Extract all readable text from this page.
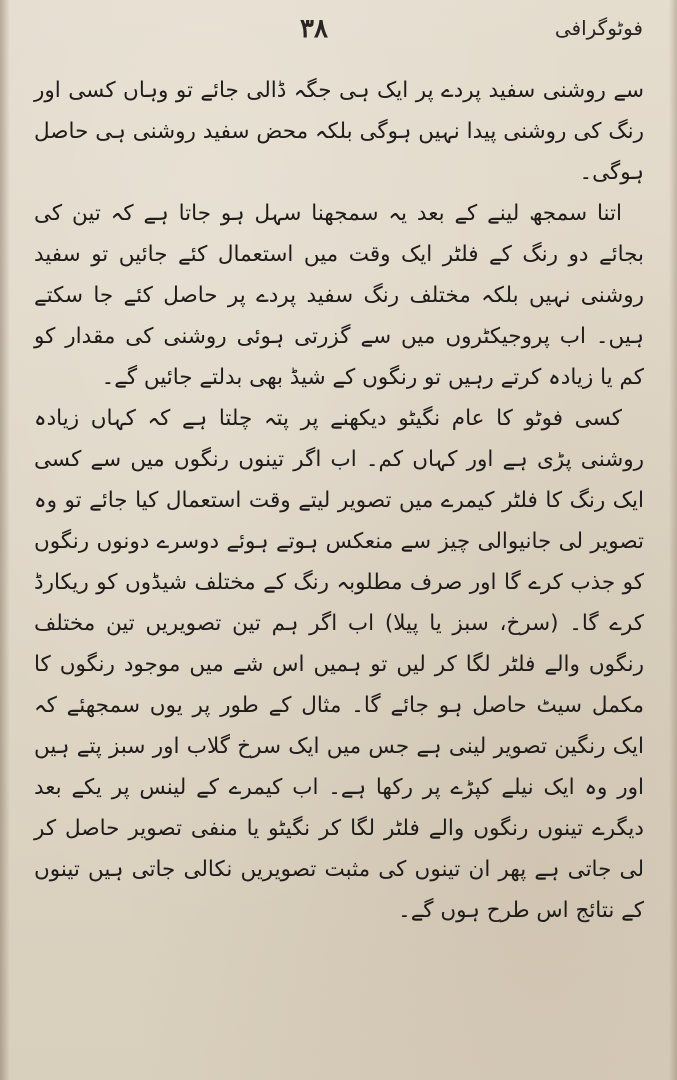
۳۸	فوٹوگرافی

سے روشنی سفید پردے پر ایک ہی جگہ ڈالی جائے تو وہاں کسی اور رنگ کی روشنی پیدا نہیں ہوگی بلکہ محض سفید روشنی ہی حاصل ہوگی۔

اتنا سمجھ لینے کے بعد یہ سمجھنا سہل ہو جاتا ہے کہ تین کی بجائے دو رنگ کے فلٹر ایک وقت میں استعمال کئے جائیں تو سفید روشنی نہیں بلکہ مختلف رنگ سفید پردے پر حاصل کئے جا سکتے ہیں۔ اب پروجیکٹروں میں سے گزرتی ہوئی روشنی کی مقدار کو کم یا زیادہ کرتے رہیں تو رنگوں کے شیڈ بھی بدلتے جائیں گے۔

کسی فوٹو کا عام نگیٹو دیکھنے پر پتہ چلتا ہے کہ کہاں زیادہ روشنی پڑی ہے اور کہاں کم۔ اب اگر تینوں رنگوں میں سے کسی ایک رنگ کا فلٹر کیمرے میں تصویر لیتے وقت استعمال کیا جائے تو وہ تصویر لی جانیوالی چیز سے منعکس ہوتے ہوئے دوسرے دونوں رنگوں کو جذب کرے گا اور صرف مطلوبہ رنگ کے مختلف شیڈوں کو ریکارڈ کرے گا۔ (سرخ، سبز یا پیلا) اب اگر ہم تین تصویریں تین مختلف رنگوں والے فلٹر لگا کر لیں تو ہمیں اس شے میں موجود رنگوں کا مکمل سیٹ حاصل ہو جائے گا۔ مثال کے طور پر یوں سمجھئے کہ ایک رنگین تصویر لینی ہے جس میں ایک سرخ گلاب اور سبز پتے ہیں اور وہ ایک نیلے کپڑے پر رکھا ہے۔ اب کیمرے کے لینس پر یکے بعد دیگرے تینوں رنگوں والے فلٹر لگا کر نگیٹو یا منفی تصویر حاصل کر لی جاتی ہے پھر ان تینوں کی مثبت تصویریں نکالی جاتی ہیں تینوں کے نتائج اس طرح ہوں گے۔
